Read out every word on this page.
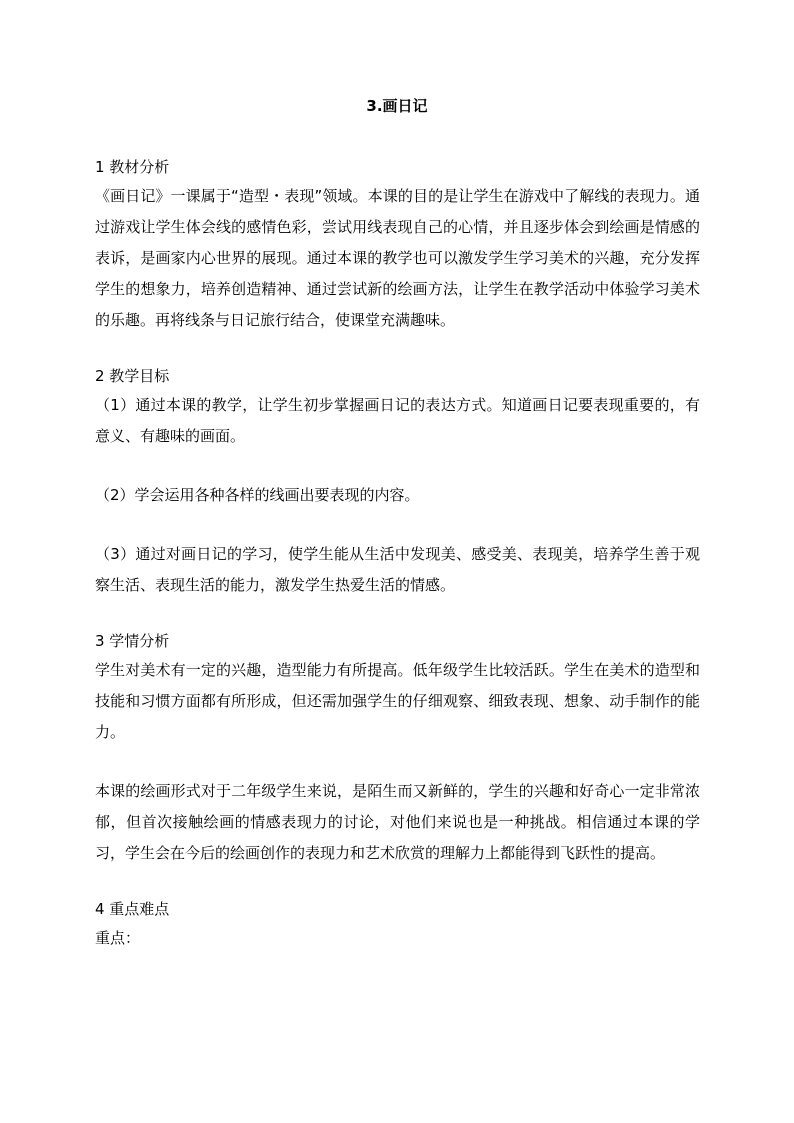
3.画日记

1 教材分析

《画日记》一课属于“造型・表现”领域。本课的目的是让学生在游戏中了解线的表现力。通过游戏让学生体会线的感情色彩，尝试用线表现自己的心情，并且逐步体会到绘画是情感的表诉，是画家内心世界的展现。通过本课的教学也可以激发学生学习美术的兴趣，充分发挥学生的想象力，培养创造精神、通过尝试新的绘画方法，让学生在教学活动中体验学习美术的乐趣。再将线条与日记旅行结合，使课堂充满趣味。

2 教学目标

（1）通过本课的教学，让学生初步掌握画日记的表达方式。知道画日记要表现重要的，有意义、有趣味的画面。

（2）学会运用各种各样的线画出要表现的内容。

（3）通过对画日记的学习，使学生能从生活中发现美、感受美、表现美，培养学生善于观察生活、表现生活的能力，激发学生热爱生活的情感。

3 学情分析

学生对美术有一定的兴趣，造型能力有所提高。低年级学生比较活跃。学生在美术的造型和技能和习惯方面都有所形成，但还需加强学生的仔细观察、细致表现、想象、动手制作的能力。

本课的绘画形式对于二年级学生来说，是陌生而又新鲜的，学生的兴趣和好奇心一定非常浓郁，但首次接触绘画的情感表现力的讨论，对他们来说也是一种挑战。相信通过本课的学习，学生会在今后的绘画创作的表现力和艺术欣赏的理解力上都能得到飞跃性的提高。

4 重点难点

重点：
